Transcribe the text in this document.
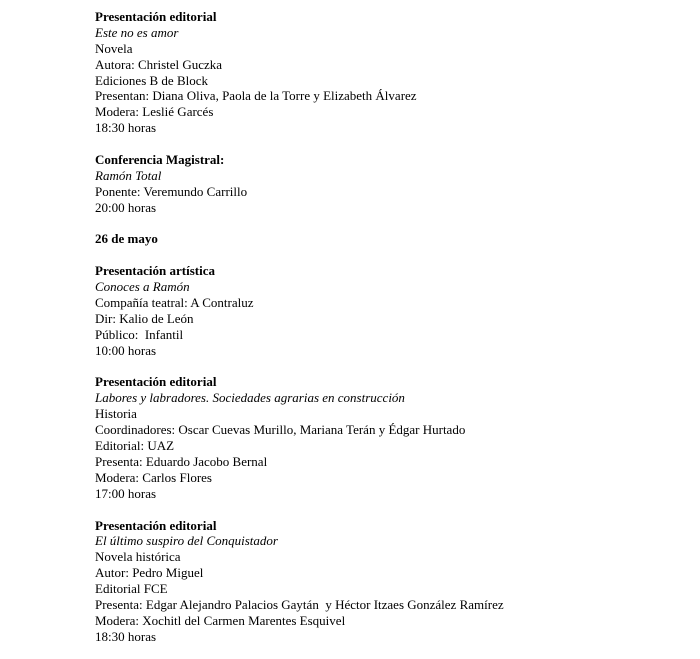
Presentación editorial
Este no es amor
Novela
Autora: Christel Guczka
Ediciones B de Block
Presentan: Diana Oliva, Paola de la Torre y Elizabeth Álvarez
Modera: Leslié Garcés
18:30 horas
Conferencia Magistral:
Ramón Total
Ponente: Veremundo Carrillo
20:00 horas
26 de mayo
Presentación artística
Conoces a Ramón
Compañía teatral: A Contraluz
Dir: Kalio de León
Público:  Infantil
10:00 horas
Presentación editorial
Labores y labradores. Sociedades agrarias en construcción
Historia
Coordinadores: Oscar Cuevas Murillo, Mariana Terán y Édgar Hurtado
Editorial: UAZ
Presenta: Eduardo Jacobo Bernal
Modera: Carlos Flores
17:00 horas
Presentación editorial
El último suspiro del Conquistador
Novela histórica
Autor: Pedro Miguel
Editorial FCE
Presenta: Edgar Alejandro Palacios Gaytán  y Héctor Itzaes González Ramírez
Modera: Xochitl del Carmen Marentes Esquivel
18:30 horas
